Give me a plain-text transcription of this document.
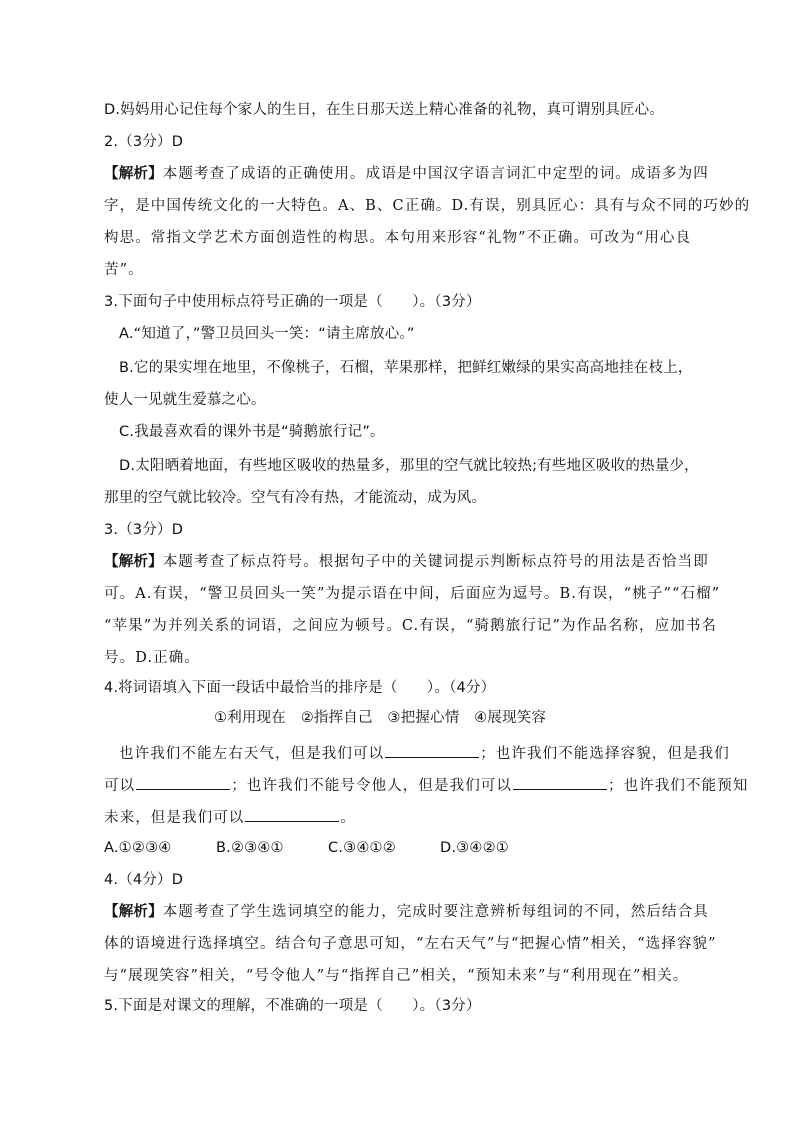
D.妈妈用心记住每个家人的生日，在生日那天送上精心准备的礼物，真可谓别具匠心。
2.（3分）D
【解析】本题考查了成语的正确使用。成语是中国汉字语言词汇中定型的词。成语多为四
字，是中国传统文化的一大特色。A、B、C正确。D.有误，别具匠心：具有与众不同的巧妙的
构思。常指文学艺术方面创造性的构思。本句用来形容“礼物”不正确。可改为“用心良
苦”。
3.下面句子中使用标点符号正确的一项是（　　）。（3分）
A.“知道了，”警卫员回头一笑：“请主席放心。”
B.它的果实埋在地里，不像桃子，石榴，苹果那样，把鲜红嫩绿的果实高高地挂在枝上，
使人一见就生爱慕之心。
C.我最喜欢看的课外书是“骑鹅旅行记”。
D.太阳晒着地面，有些地区吸收的热量多，那里的空气就比较热;有些地区吸收的热量少，
那里的空气就比较冷。空气有冷有热，才能流动，成为风。
3.（3分）D
【解析】本题考查了标点符号。根据句子中的关键词提示判断标点符号的用法是否恰当即
可。A.有误，“警卫员回头一笑”为提示语在中间，后面应为逗号。B.有误，“桃子”“石榴”
“苹果”为并列关系的词语，之间应为顿号。C.有误，“骑鹅旅行记”为作品名称，应加书名
号。D.正确。
4.将词语填入下面一段话中最恰当的排序是（　　）。（4分）
①利用现在　②指挥自己　③把握心情　④展现笑容
也许我们不能左右天气，但是我们可以	；也许我们不能选择容貌，但是我们
可以	；也许我们不能号令他人，但是我们可以	；也许我们不能预知
未来，但是我们可以	。
A.①②③④	B.②③④①	C.③④①②	D.③④②①
4.（4分）D
【解析】本题考查了学生选词填空的能力，完成时要注意辨析每组词的不同，然后结合具
体的语境进行选择填空。结合句子意思可知，“左右天气”与“把握心情”相关，“选择容貌”
与“展现笑容”相关，“号令他人”与“指挥自己”相关，“预知未来”与“利用现在”相关。
5.下面是对课文的理解，不准确的一项是（　　）。（3分）
